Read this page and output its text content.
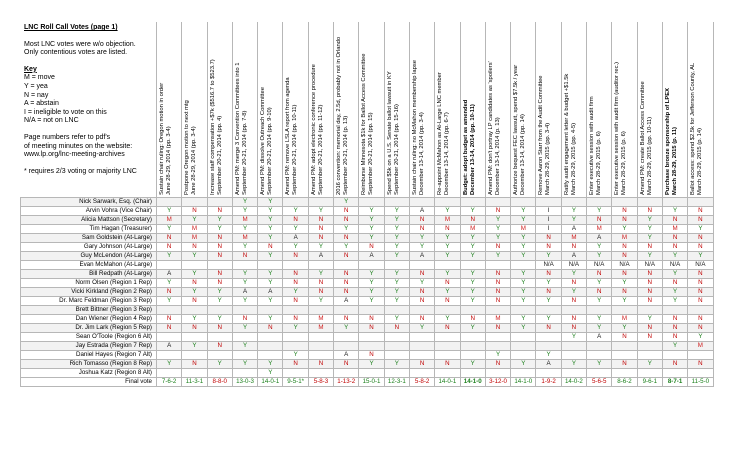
LNC Roll Call Votes (page 1)

Most LNC votes were w/o objection.

Only contentious votes are listed.

Key

M = move

Y = yea

N = nay

A = abstain

I = ineligible to vote on this

N/A = not on LNC

Page numbers refer to pdf's

of meeting minutes on the website:

www.lp.org/lnc-meeting-archives

* requires 2/3 voting or majority LNC

	Sustain chair ruling: Oregon motion in order June 28-29, 2014 (pp. 3-4)	Postpone Oregon motion to next mtg June 28-29, 2014 (pp. 3-4)	Increase staff compensation +$7k ($516.7 to $523.7) September 20-21, 2014 (pp. 4)	Amend PM: merge 3 Convention Committees into 1 September 20-21, 2014 (pp. 7-8)	Amend PM: dissolve Outreach Committee September 20-21, 2014 (pp. 9-10)	Amend PM: remove LSLA report from agenda September 20-21, 2014 (pp. 10-11)	Amend PM: adopt electronic conference procedure September 20-21, 2014 (pp. 11-12)	2016 convention: memorial day, 2.5d, probably not in Orlando September 20-21, 2014 (p. 13)	Reimburse Minnesota $1k for Ballot Access Committee September 20-21, 2014 (pp. 15)	Spend $5k on a U.S. Senate ballot lawsuit in KY September 20-21, 2014 (pp. 15-16)	Sustain chair ruling: no McMahon membership lapse December 13-14, 2014 (pp. 3-4)	Re-appoint McMahon as At-Large LNC member December 13-14, 2014 (pp. 6-7)	Budget: adopt budget as amended December 13-14, 2014 (pp. 10-11)	Amend PM: don't portray LP candidates as 'spoilers' December 13-14, 2014 (p. 13)	Authorize bequest FEC lawsuit, spend $7.5k / year December 13-14, 2014 (pp. 14)	Remove Aaron Starr from the Audit Committee March 28-29, 2015 (pp. 3-4)	Ratify audit engagement letter & budget +$1.5k March 28-29, 2015 (pp. 4-5)	Enter executive session with audit firm March 28-29, 2015 (p. 6)	Enter executive session with audit firm (auditor rec.) March 28-29, 2015 (p. 6)	Amend PM: create Ballot Access Committee March 28-29, 2015 (pp. 10-11)	Purchase bronze sponsorship of LPEX March 28-29, 2015 (p. 11)	Ballot access: spend $2.5k for Jefferson County, AL March 28-29, 2015 (p. 14)

Nick Sarwark, Esq. (Chair)				Y	Y			Y														
Arvin Vohra (Vice Chair)	Y	N	N	Y	Y	Y	Y	N	Y	Y	A	Y	Y	N	Y	I	Y	Y	N	N	Y	N
Alicia Mattson (Secretary)	M	Y	Y	M	Y	N	N	N	Y	Y	N	M	N	Y	Y	I	Y	N	N	Y	N	N
Tim Hagan (Treasurer)	Y	M	Y	Y	Y	Y	N	Y	Y	Y	N	N	M	Y	M	I	A	M	Y	Y	M	Y
Sam Goldstein (At-Large)	N	M	N	M	Y	A	N	N	Y	Y	Y	Y	Y	Y	Y	N	M	A	M	Y	N	N
Gary Johnson (At-Large)	N	N	N	Y	N	Y	Y	Y	N	Y	Y	Y	Y	N	Y	N	N	Y	N	N	N	N
Guy McLendon (At-Large)	Y	Y	N	N	Y	N	A	N	A	Y	A	Y	Y	Y	Y	Y	A	Y	N	Y	Y	Y
Evan McMahon (At-Large)																N/A	N/A	N/A	N/A	N/A	N/A	N/A
Bill Redpath (At-Large)	A	Y	N	Y	Y	N	Y	N	Y	Y	N	Y	Y	N	Y	N	Y	N	N	N	Y	N
Norm Olsen (Region 1 Rep)	Y	N	N	Y	Y	N	N	N	Y	Y	Y	N	Y	N	Y	Y	N	Y	Y	N	N	N
Vicki Kirkland (Region 2 Rep)	N	Y	Y	A	A	Y	N	N	Y	Y	N	Y	Y	N	Y	N	Y	N	N	N	Y	N
Dr. Marc Feldman (Region 3 Rep)	Y	N	Y	Y	Y	N	Y	A	Y	Y	N	N	Y	N	Y	Y	N	Y	Y	N	Y	N
Brett Bittner (Region 3 Rep)																						
Dan Wiener (Region 4 Rep)	N	Y	Y	N	Y	N	M	N	N	Y	N	Y	N	M	Y	Y	N	Y	M	Y	N	N
Dr. Jim Lark (Region 5 Rep)	N	N	N	Y	N	Y	M	Y	N	N	Y	N	Y	N	Y	N	N	Y	Y	N	N	N
Sean O'Toole (Region 6 Alt)																	Y	A	N	N	N	Y
Jay Estrada (Region 7 Rep)	A	Y	N	Y																	Y	M
Daniel Hayes (Region 7 Alt)						Y		A	N					Y		Y						
Rich Tomasso (Region 8 Rep)	Y	N	Y	Y	Y	N	N	N	Y	Y	N	N	Y	N	Y	A	Y	Y	N	Y	N	N
Joshua Katz (Region 8 Alt)					Y																	
Final vote	7-6-2	11-3-1	8-8-0	13-0-3	14-0-1	9-5-1*	5-8-3	1-13-2	15-0-1	12-3-1	5-8-2	14-0-1	14-1-0	3-12-0	14-1-0	1-9-2	14-0-2	5-6-5	8-6-2	9-6-1	8-7-1	11-5-0
